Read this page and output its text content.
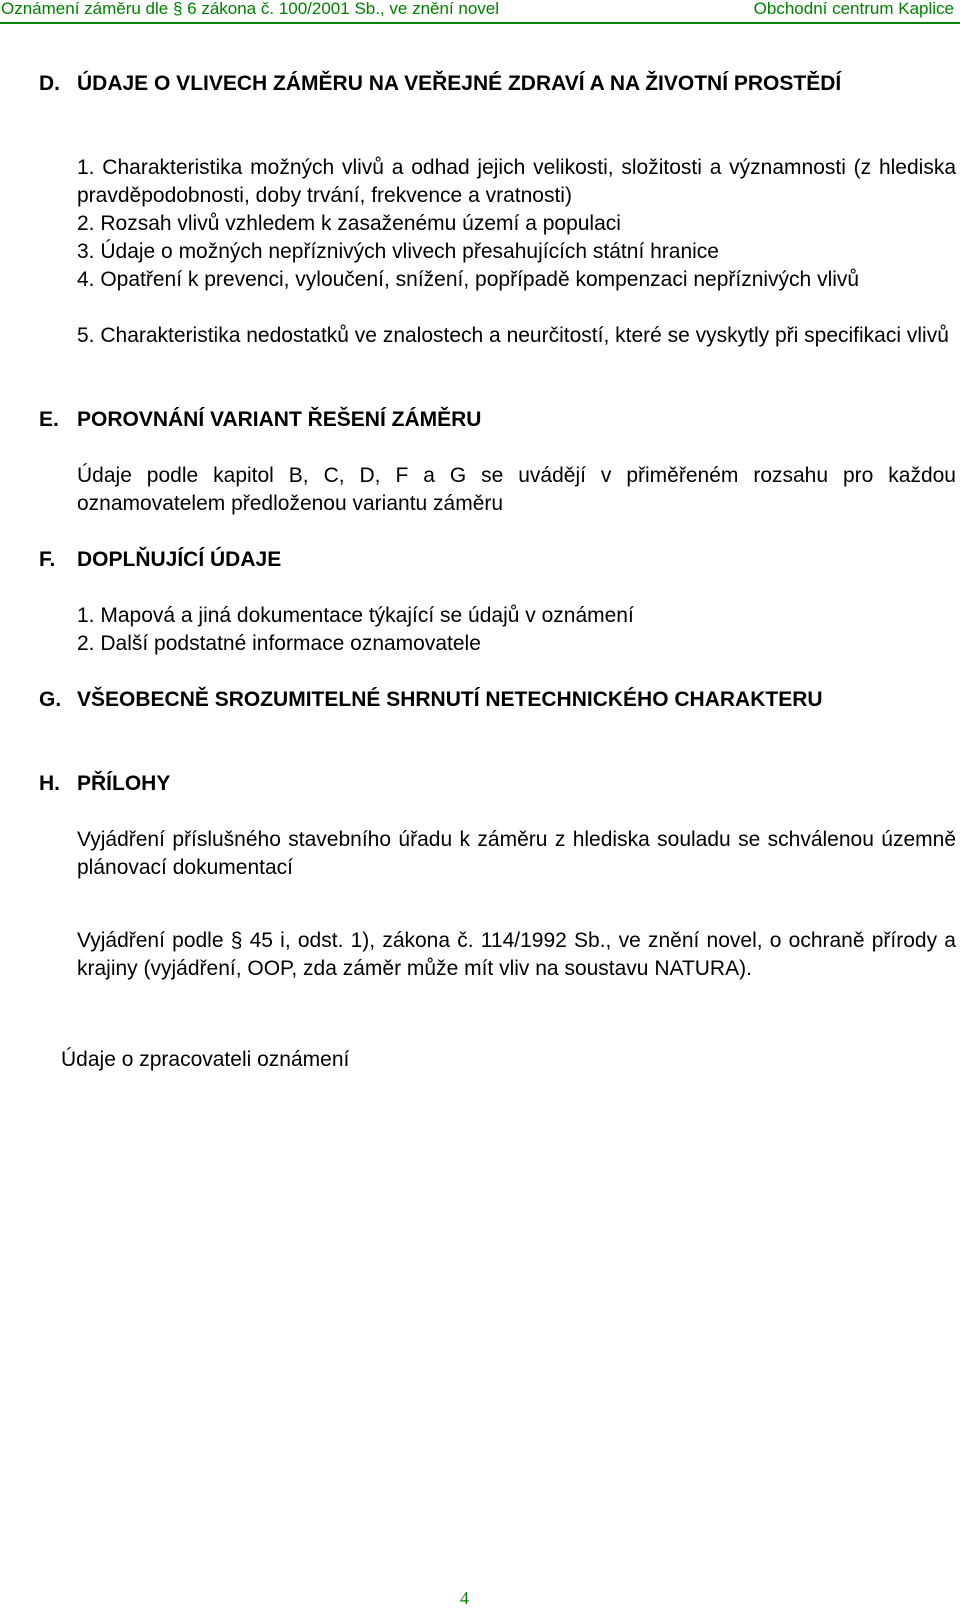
Oznámení záměru dle § 6 zákona č. 100/2001 Sb., ve znění novel	Obchodní centrum Kaplice
D. ÚDAJE O VLIVECH ZÁMĚRU NA VEŘEJNÉ ZDRAVÍ A NA ŽIVOTNÍ PROSTĚDÍ
1. Charakteristika možných vlivů a odhad jejich velikosti, složitosti a významnosti (z hlediska pravděpodobnosti, doby trvání, frekvence a vratnosti)
2. Rozsah vlivů vzhledem k zasaženému území a populaci
3. Údaje o možných nepříznivých vlivech přesahujících státní hranice
4. Opatření k prevenci, vyloučení, snížení, popřípadě kompenzaci nepříznivých vlivů
5. Charakteristika nedostatků ve znalostech a neurčitostí, které se vyskytly při specifikaci vlivů
E. POROVNÁNÍ VARIANT ŘEŠENÍ ZÁMĚRU
Údaje podle kapitol B, C, D, F a G se uvádějí v přiměřeném rozsahu pro každou oznamovatelem předloženou variantu záměru
F. DOPLŇUJÍCÍ ÚDAJE
1. Mapová a jiná dokumentace týkající se údajů v oznámení
2. Další podstatné informace oznamovatele
G. VŠEOBECNĚ SROZUMITELNÉ SHRNUTÍ NETECHNICKÉHO CHARAKTERU
H. PŘÍLOHY
Vyjádření příslušného stavebního úřadu k záměru z hlediska souladu se schválenou územně plánovací dokumentací
Vyjádření podle § 45 i, odst. 1), zákona č. 114/1992 Sb., ve znění novel, o ochraně přírody a krajiny (vyjádření, OOP, zda záměr může mít vliv na soustavu NATURA).
Údaje o zpracovateli oznámení
4
